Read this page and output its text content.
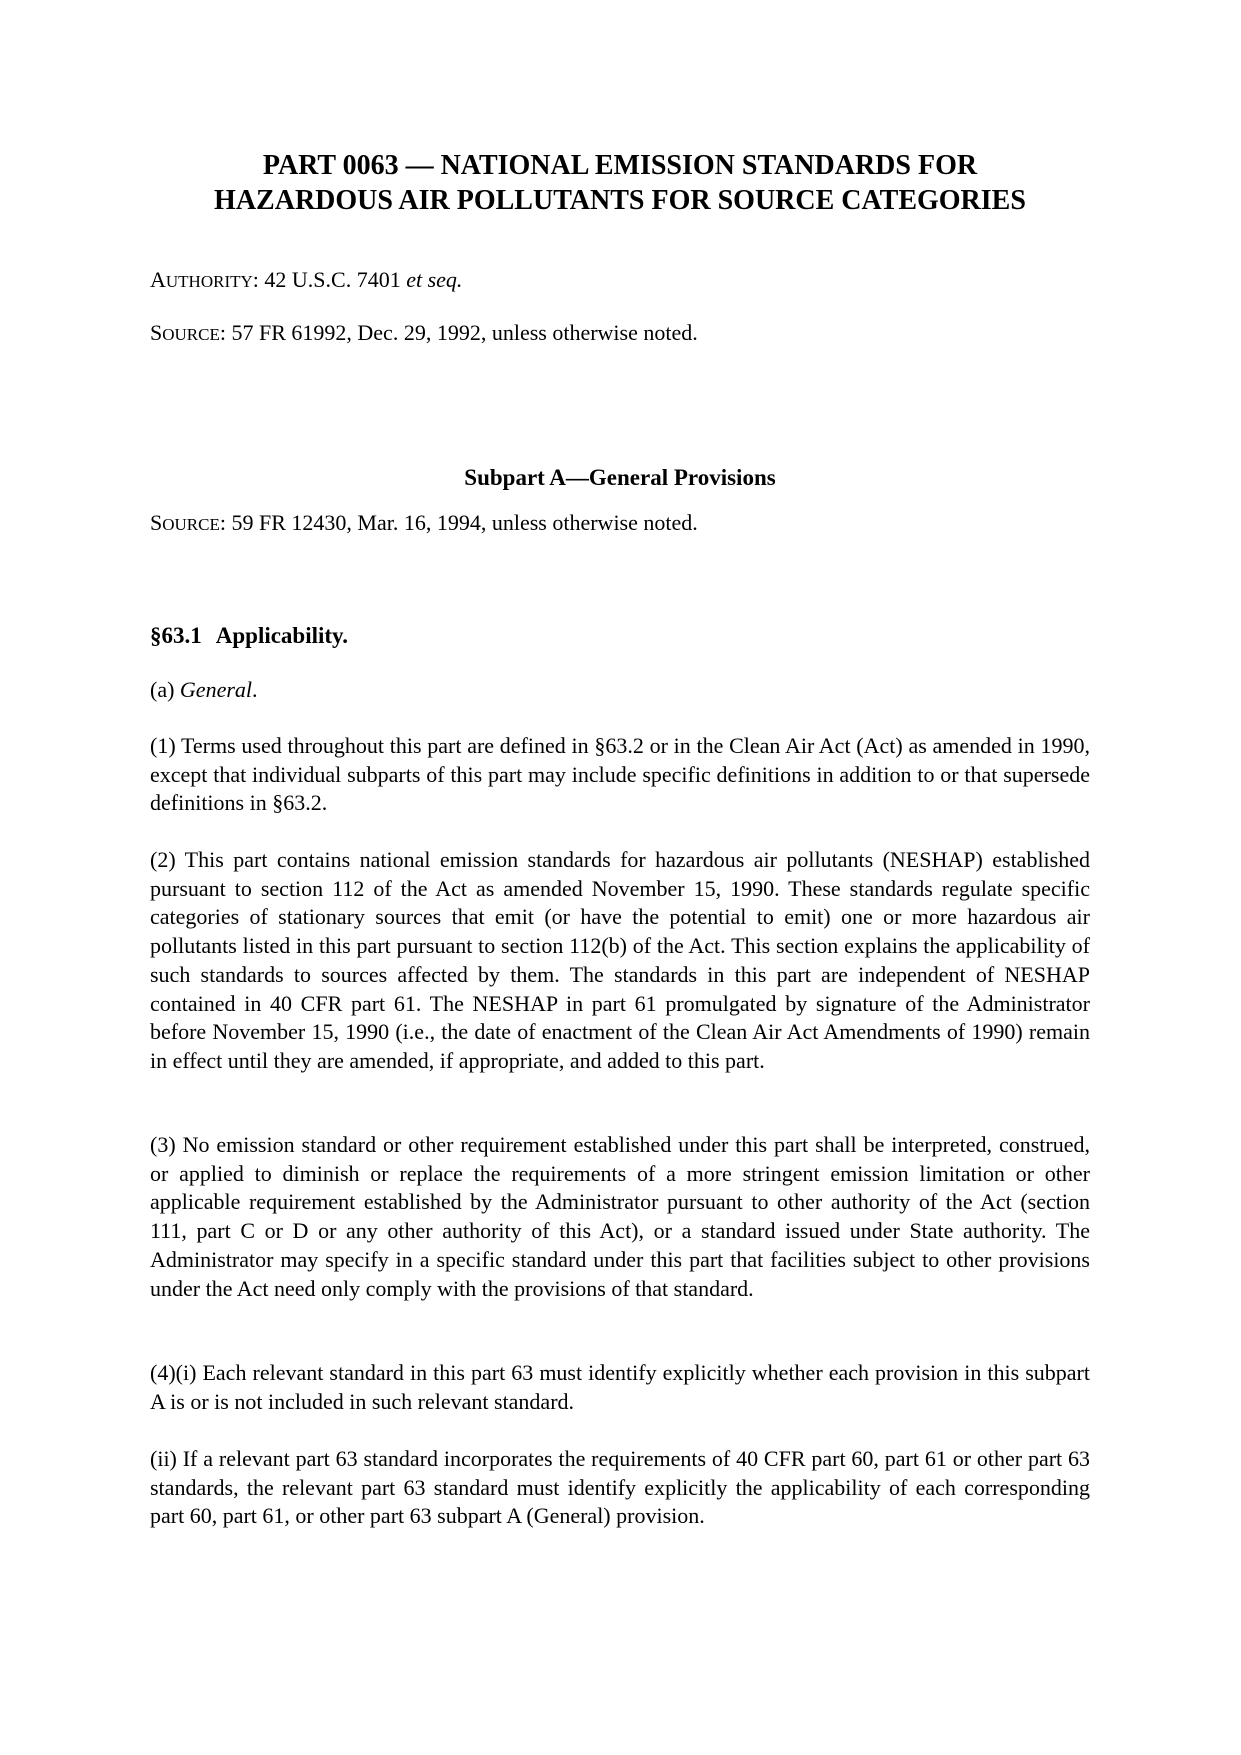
PART 0063 — NATIONAL EMISSION STANDARDS FOR
HAZARDOUS AIR POLLUTANTS FOR SOURCE CATEGORIES

AUTHORITY: 42 U.S.C. 7401 et seq.

SOURCE: 57 FR 61992, Dec. 29, 1992, unless otherwise noted.

Subpart A—General Provisions

SOURCE: 59 FR 12430, Mar. 16, 1994, unless otherwise noted.

§63.1 Applicability.

(a) General.

(1) Terms used throughout this part are defined in §63.2 or in the Clean Air Act (Act) as amended in 1990, except that individual subparts of this part may include specific definitions in addition to or that supersede definitions in §63.2.

(2) This part contains national emission standards for hazardous air pollutants (NESHAP) established pursuant to section 112 of the Act as amended November 15, 1990. These standards regulate specific categories of stationary sources that emit (or have the potential to emit) one or more hazardous air pollutants listed in this part pursuant to section 112(b) of the Act. This section explains the applicability of such standards to sources affected by them. The standards in this part are independent of NESHAP contained in 40 CFR part 61. The NESHAP in part 61 promulgated by signature of the Administrator before November 15, 1990 (i.e., the date of enactment of the Clean Air Act Amendments of 1990) remain in effect until they are amended, if appropriate, and added to this part.

(3) No emission standard or other requirement established under this part shall be interpreted, construed, or applied to diminish or replace the requirements of a more stringent emission limitation or other applicable requirement established by the Administrator pursuant to other authority of the Act (section 111, part C or D or any other authority of this Act), or a standard issued under State authority. The Administrator may specify in a specific standard under this part that facilities subject to other provisions under the Act need only comply with the provisions of that standard.

(4)(i) Each relevant standard in this part 63 must identify explicitly whether each provision in this subpart A is or is not included in such relevant standard.

(ii) If a relevant part 63 standard incorporates the requirements of 40 CFR part 60, part 61 or other part 63 standards, the relevant part 63 standard must identify explicitly the applicability of each corresponding part 60, part 61, or other part 63 subpart A (General) provision.
